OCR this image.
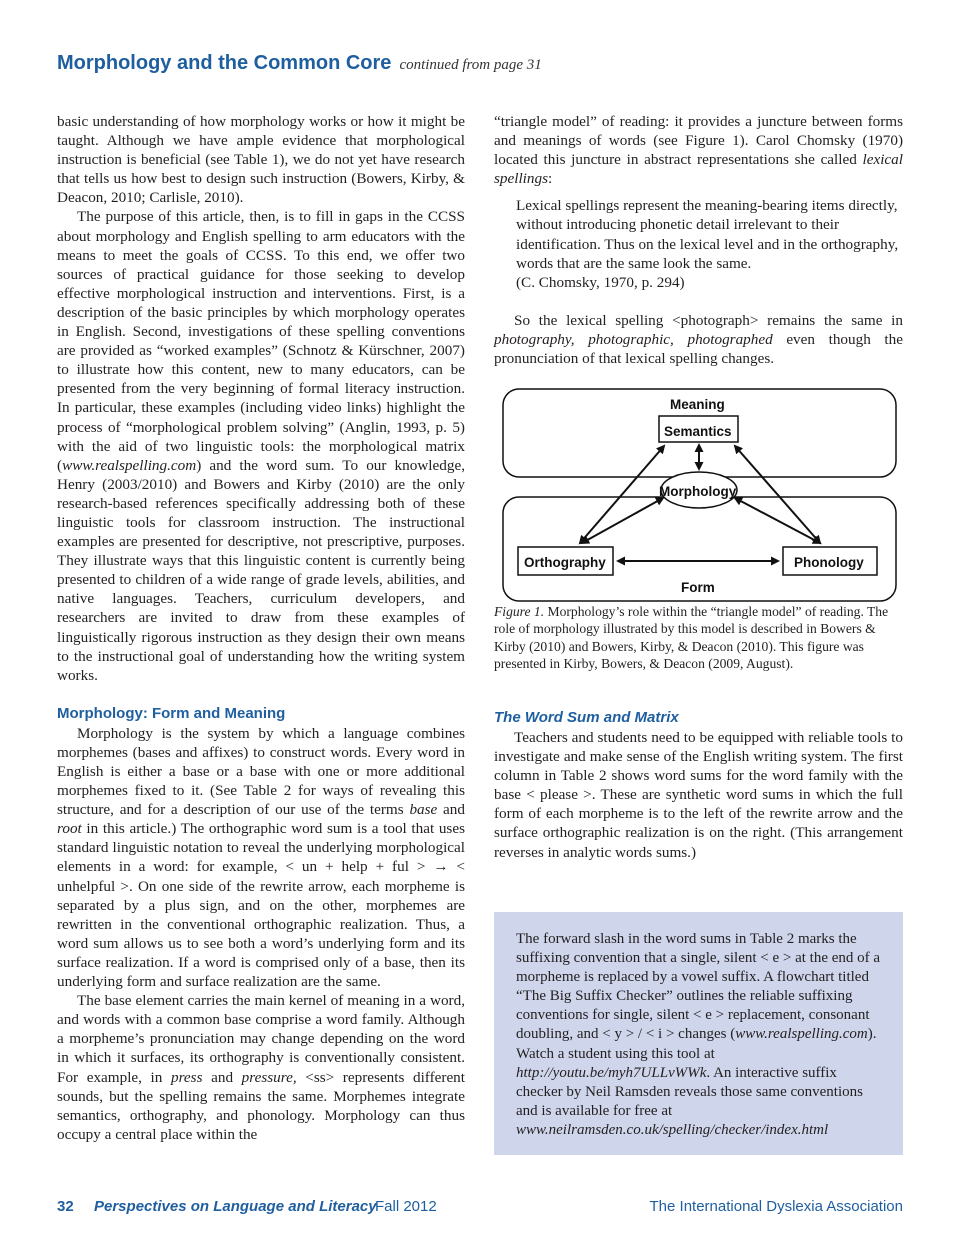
Morphology and the Common Core continued from page 31

basic understanding of how morphology works or how it might be taught. Although we have ample evidence that morphological instruction is beneficial (see Table 1), we do not yet have research that tells us how best to design such instruction (Bowers, Kirby, & Deacon, 2010; Carlisle, 2010).

The purpose of this article, then, is to fill in gaps in the CCSS about morphology and English spelling to arm educators with the means to meet the goals of CCSS. To this end, we offer two sources of practical guidance for those seeking to develop effective morphological instruction and interventions. First, is a description of the basic principles by which morphology operates in English. Second, investigations of these spelling conventions are provided as “worked examples” (Schnotz & Kürschner, 2007) to illustrate how this content, new to many educators, can be presented from the very beginning of formal literacy instruction. In particular, these examples (including video links) highlight the process of “morphological problem solving” (Anglin, 1993, p. 5) with the aid of two linguistic tools: the morphological matrix (www.realspelling.com) and the word sum. To our knowledge, Henry (2003/2010) and Bowers and Kirby (2010) are the only research-based references specifically addressing both of these linguistic tools for classroom instruction. The instructional examples are presented for descriptive, not prescriptive, purposes. They illustrate ways that this linguistic content is currently being presented to children of a wide range of grade levels, abilities, and native languages. Teachers, curriculum developers, and researchers are invited to draw from these examples of linguistically rigorous instruction as they design their own means to the instructional goal of understanding how the writing system works.

Morphology: Form and Meaning

Morphology is the system by which a language combines morphemes (bases and affixes) to construct words. Every word in English is either a base or a base with one or more additional morphemes fixed to it. (See Table 2 for ways of revealing this structure, and for a description of our use of the terms base and root in this article.) The orthographic word sum is a tool that uses standard linguistic notation to reveal the underlying morphological elements in a word: for example, < un + help + ful > → < unhelpful >. On one side of the rewrite arrow, each morpheme is separated by a plus sign, and on the other, morphemes are rewritten in the conventional orthographic realization. Thus, a word sum allows us to see both a word’s underlying form and its surface realization. If a word is comprised only of a base, then its underlying form and surface realization are the same.

The base element carries the main kernel of meaning in a word, and words with a common base comprise a word family. Although a morpheme’s pronunciation may change depending on the word in which it surfaces, its orthography is conventionally consistent. For example, in press and pressure, <ss> represents different sounds, but the spelling remains the same. Morphemes integrate semantics, orthography, and phonology. Morphology can thus occupy a central place within the

“triangle model” of reading: it provides a juncture between forms and meanings of words (see Figure 1). Carol Chomsky (1970) located this juncture in abstract representations she called lexical spellings:

Lexical spellings represent the meaning-bearing items directly, without introducing phonetic detail irrelevant to their identification. Thus on the lexical level and in the orthography, words that are the same look the same.

(C. Chomsky, 1970, p. 294)

So the lexical spelling <photograph> remains the same in photography, photographic, photographed even though the pronunciation of that lexical spelling changes.

Meaning
Semantics
Morphology
Orthography	Phonology
Form

Figure 1. Morphology’s role within the “triangle model” of reading. The role of morphology illustrated by this model is described in Bowers & Kirby (2010) and Bowers, Kirby, & Deacon (2010). This figure was presented in Kirby, Bowers, & Deacon (2009, August).

The Word Sum and Matrix

Teachers and students need to be equipped with reliable tools to investigate and make sense of the English writing system. The first column in Table 2 shows word sums for the word family with the base < please >. These are synthetic word sums in which the full form of each morpheme is to the left of the rewrite arrow and the surface orthographic realization is on the right. (This arrangement reverses in analytic words sums.)

The forward slash in the word sums in Table 2 marks the suffixing convention that a single, silent < e > at the end of a morpheme is replaced by a vowel suffix. A flowchart titled “The Big Suffix Checker” outlines the reliable suffixing conventions for single, silent < e > replacement, consonant doubling, and < y > / < i > changes (www.realspelling.com). Watch a student using this tool at http://youtu.be/myh7ULLvWWk. An interactive suffix checker by Neil Ramsden reveals those same conventions and is available for free at www.neilramsden.co.uk/spelling/checker/index.html

32 Perspectives on Language and Literacy
Fall 2012	The International Dyslexia Association
